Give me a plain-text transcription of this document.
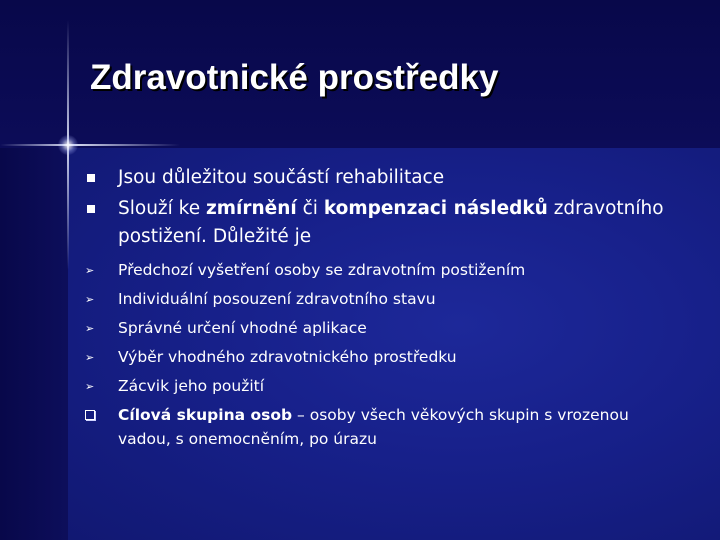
Zdravotnické prostředky
Jsou důležitou součástí rehabilitace
Slouží ke zmírnění či kompenzaci následků zdravotního postižení. Důležité je
➢ Předchozí vyšetření osoby se zdravotním postižením
➢ Individuální posouzení zdravotního stavu
➢ Správné určení vhodné aplikace
➢ Výběr vhodného zdravotnického prostředku
➢ Zácvik jeho použití
Cílová skupina osob – osoby všech věkových skupin s vrozenou vadou, s onemocněním, po úrazu
